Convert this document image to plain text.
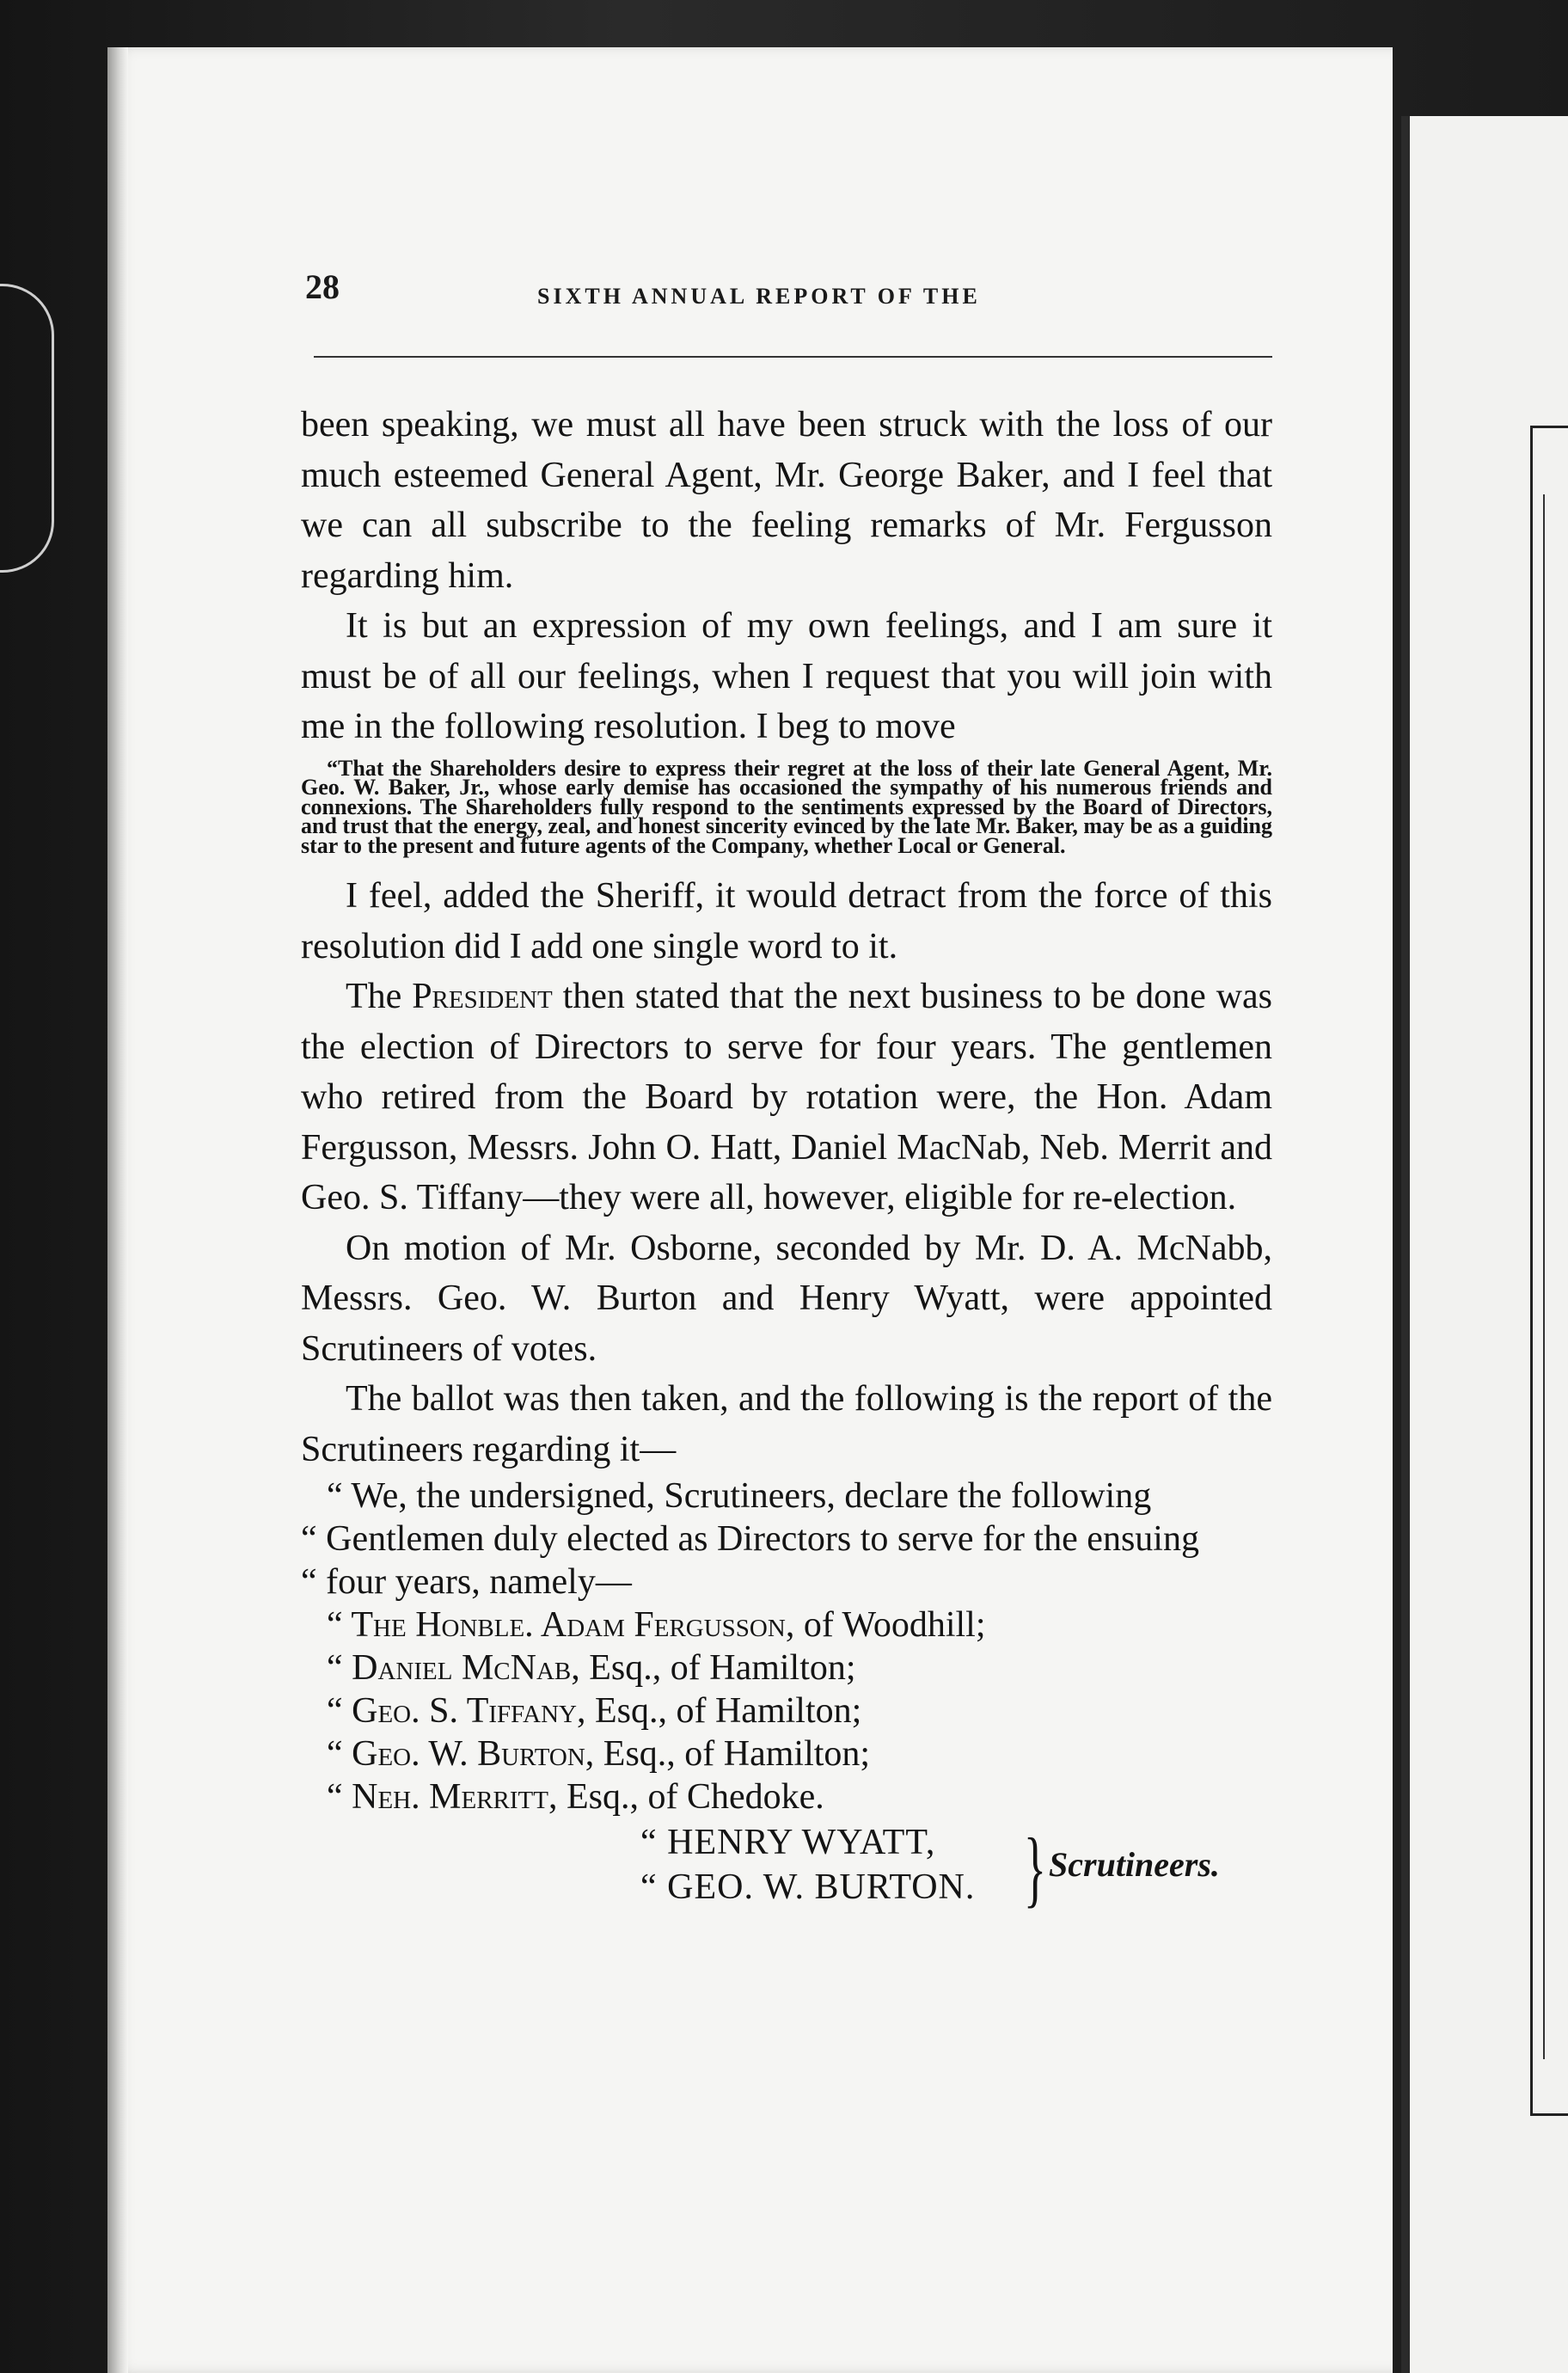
28	SIXTH ANNUAL REPORT OF THE

been speaking, we must all have been struck with the loss of our much esteemed General Agent, Mr. George Baker, and I feel that we can all subscribe to the feeling remarks of Mr. Fergusson regarding him.

It is but an expression of my own feelings, and I am sure it must be of all our feelings, when I request that you will join with me in the following resolution. I beg to move

“That the Shareholders desire to express their regret at the loss of their late General Agent, Mr. Geo. W. Baker, Jr., whose early demise has occasioned the sympathy of his numerous friends and connexions. The Shareholders fully respond to the sentiments expressed by the Board of Directors, and trust that the energy, zeal, and honest sincerity evinced by the late Mr. Baker, may be as a guiding star to the present and future agents of the Company, whether Local or General.

I feel, added the Sheriff, it would detract from the force of this resolution did I add one single word to it.

The President then stated that the next business to be done was the election of Directors to serve for four years. The gentlemen who retired from the Board by rotation were, the Hon. Adam Fergusson, Messrs. John O. Hatt, Daniel MacNab, Neb. Merrit and Geo. S. Tiffany—they were all, however, eligible for re-election.

On motion of Mr. Osborne, seconded by Mr. D. A. McNabb, Messrs. Geo. W. Burton and Henry Wyatt, were appointed Scrutineers of votes.

The ballot was then taken, and the following is the report of the Scrutineers regarding it—

“ We, the undersigned, Scrutineers, declare the following

“ Gentlemen duly elected as Directors to serve for the ensuing

“ four years, namely—

“ The Honble. Adam Fergusson, of Woodhill;

“ Daniel McNab, Esq., of Hamilton;

“ Geo. S. Tiffany, Esq., of Hamilton;

“ Geo. W. Burton, Esq., of Hamilton;

“ Neh. Merritt, Esq., of Chedoke.

“ HENRY WYATT,
“ GEO. W. BURTON. } Scrutineers.
